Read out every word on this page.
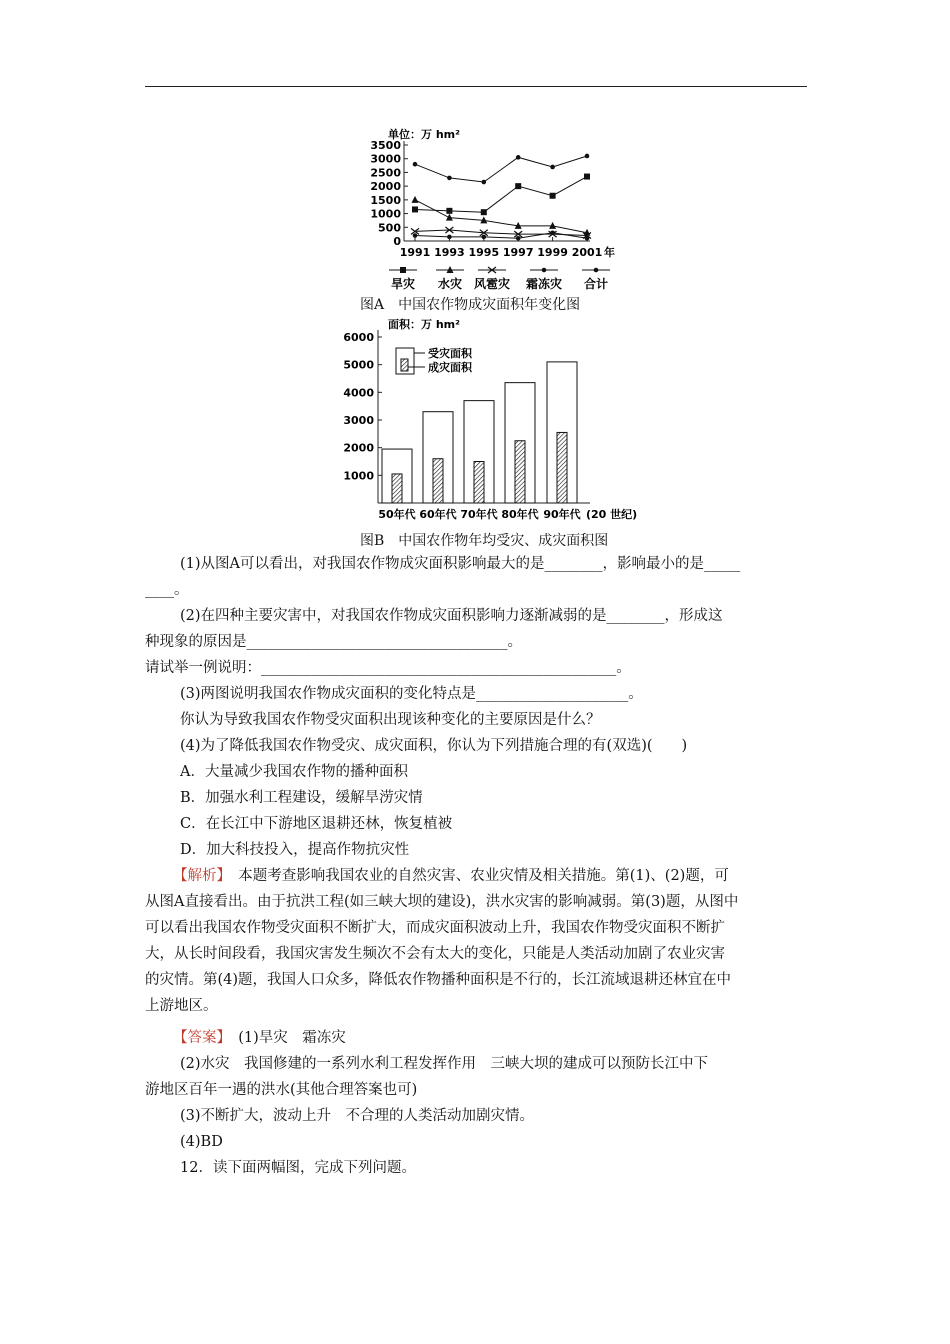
单位：万 hm²
0
500
1000
1500
2000
2500
3000
3500
1991 1993 1995 1997 1999 2001 年
旱灾 水灾 风雹灾 霜冻灾 合计
面积：万 hm²
1000
2000
3000
4000
5000
6000
50年代 60年代 70年代 80年代 90年代 (20 世纪)
受灾面积
成灾面积
图A　中国农作物成灾面积年变化图
图B　中国农作物年均受灾、成灾面积图
(1)从图A可以看出，对我国农作物成灾面积影响最大的是________，影响最小的是_____
____。
(2)在四种主要灾害中，对我国农作物成灾面积影响力逐渐减弱的是________，形成这
种现象的原因是____________________________________。
请试举一例说明：_________________________________________________。
(3)两图说明我国农作物成灾面积的变化特点是_____________________。
你认为导致我国农作物受灾面积出现该种变化的主要原因是什么？
(4)为了降低我国农作物受灾、成灾面积，你认为下列措施合理的有(双选)(　　)
A．大量减少我国农作物的播种面积
B．加强水利工程建设，缓解旱涝灾情
C．在长江中下游地区退耕还林，恢复植被
D．加大科技投入，提高作物抗灾性
【解析】　本题考查影响我国农业的自然灾害、农业灾情及相关措施。第(1)、(2)题，可
从图A直接看出。由于抗洪工程(如三峡大坝的建设)，洪水灾害的影响减弱。第(3)题，从图中
可以看出我国农作物受灾面积不断扩大，而成灾面积波动上升，我国农作物受灾面积不断扩
大，从长时间段看，我国灾害发生频次不会有太大的变化，只能是人类活动加剧了农业灾害
的灾情。第(4)题，我国人口众多，降低农作物播种面积是不行的，长江流域退耕还林宜在中
上游地区。
【答案】　(1)旱灾　霜冻灾
(2)水灾　我国修建的一系列水利工程发挥作用　三峡大坝的建成可以预防长江中下
游地区百年一遇的洪水(其他合理答案也可)
(3)不断扩大，波动上升　不合理的人类活动加剧灾情。
(4)BD
12．读下面两幅图，完成下列问题。
